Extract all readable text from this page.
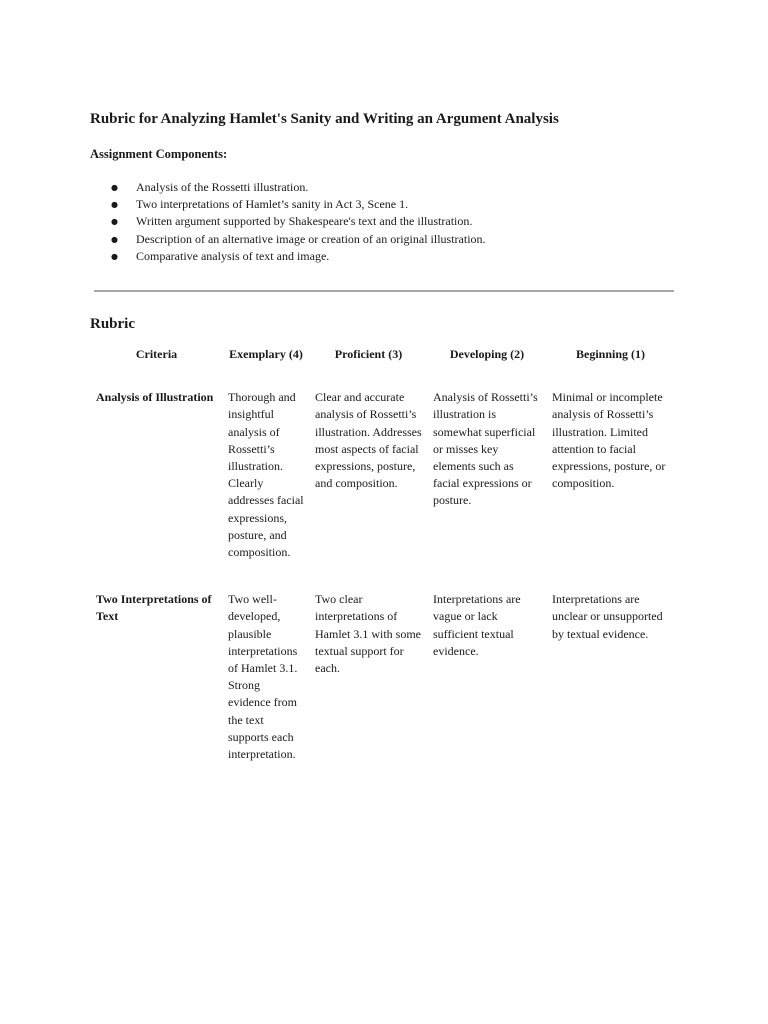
Rubric for Analyzing Hamlet's Sanity and Writing an Argument Analysis

Assignment Components:

● Analysis of the Rossetti illustration.
● Two interpretations of Hamlet’s sanity in Act 3, Scene 1.
● Written argument supported by Shakespeare's text and the illustration.
● Description of an alternative image or creation of an original illustration.
● Comparative analysis of text and image.
Rubric
Criteria	Exemplary (4)	Proficient (3)	Developing (2)	Beginning (1)
Analysis of Illustration	Thorough and insightful analysis of Rossetti’s illustration. Clearly addresses facial expressions, posture, and composition.	Clear and accurate analysis of Rossetti’s illustration. Addresses most aspects of facial expressions, posture, and composition.	Analysis of Rossetti’s illustration is somewhat superficial or misses key elements such as facial expressions or posture.	Minimal or incomplete analysis of Rossetti’s illustration. Limited attention to facial expressions, posture, or composition.
Two Interpretations of Text	Two well-developed, plausible interpretations of Hamlet 3.1. Strong evidence from the text supports each interpretation.	Two clear interpretations of Hamlet 3.1 with some textual support for each.	Interpretations are vague or lack sufficient textual evidence.	Interpretations are unclear or unsupported by textual evidence.
